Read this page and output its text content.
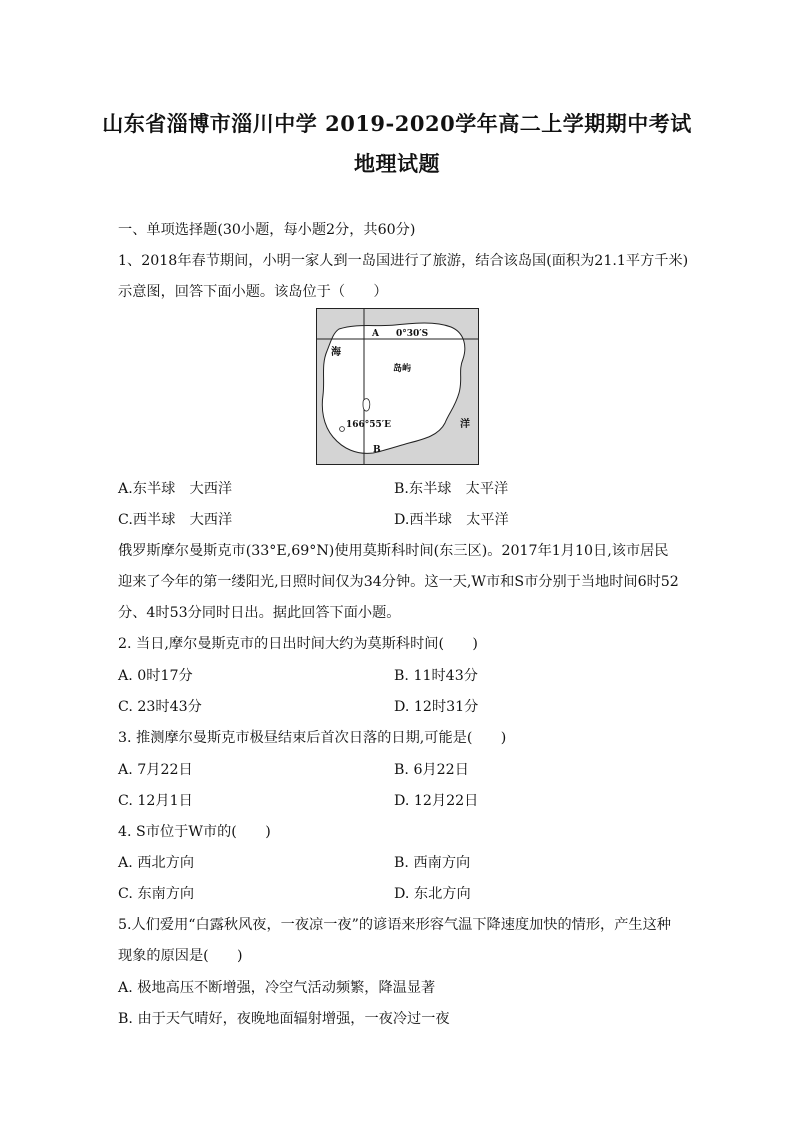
山东省淄博市淄川中学 2019-2020学年高二上学期期中考试
地理试题
一、单项选择题(30小题，每小题2分，共60分)
1、2018年春节期间，小明一家人到一岛国进行了旅游，结合该岛国(面积为21.1平方千米)
示意图，回答下面小题。该岛位于（　　）
A 0°30′S
海
岛屿
166°55′E	洋
B
A.东半球　大西洋	B.东半球　太平洋
C.西半球　大西洋	D.西半球　太平洋
俄罗斯摩尔曼斯克市(33°E,69°N)使用莫斯科时间(东三区)。2017年1月10日,该市居民
迎来了今年的第一缕阳光,日照时间仅为34分钟。这一天,W市和S市分别于当地时间6时52
分、4时53分同时日出。据此回答下面小题。
2. 当日,摩尔曼斯克市的日出时间大约为莫斯科时间(　　)
A. 0时17分	B. 11时43分
C. 23时43分	D. 12时31分
3. 推测摩尔曼斯克市极昼结束后首次日落的日期,可能是(　　)
A. 7月22日	B. 6月22日
C. 12月1日	D. 12月22日
4. S市位于W市的(　　)
A. 西北方向	B. 西南方向
C. 东南方向	D. 东北方向
5.人们爱用“白露秋风夜，一夜凉一夜”的谚语来形容气温下降速度加快的情形，产生这种
现象的原因是(　　)
A. 极地高压不断增强，冷空气活动频繁，降温显著
B. 由于天气晴好，夜晚地面辐射增强，一夜冷过一夜
